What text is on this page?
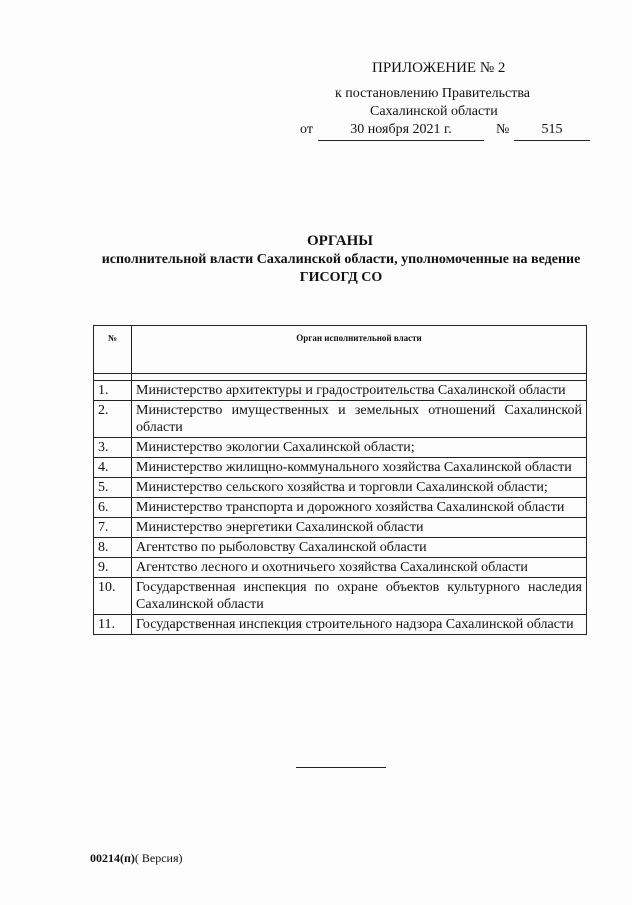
ПРИЛОЖЕНИЕ № 2
к постановлению Правительства
Сахалинской области
от	30 ноября 2021 г.	№	515
ОРГАНЫ
исполнительной власти Сахалинской области, уполномоченные на ведение ГИСОГД СО
№	Орган исполнительной власти

1.	Министерство архитектуры и градостроительства Сахалинской области
2.	Министерство имущественных и земельных отношений Сахалинской области
3.	Министерство экологии Сахалинской области;
4.	Министерство жилищно-коммунального хозяйства Сахалинской области
5.	Министерство сельского хозяйства и торговли Сахалинской области;
6.	Министерство транспорта и дорожного хозяйства Сахалинской области
7.	Министерство энергетики Сахалинской области
8.	Агентство по рыболовству Сахалинской области
9.	Агентство лесного и охотничьего хозяйства Сахалинской области
10.	Государственная инспекция по охране объектов культурного наследия Сахалинской области
11.	Государственная инспекция строительного надзора Сахалинской области
00214(п)( Версия)
